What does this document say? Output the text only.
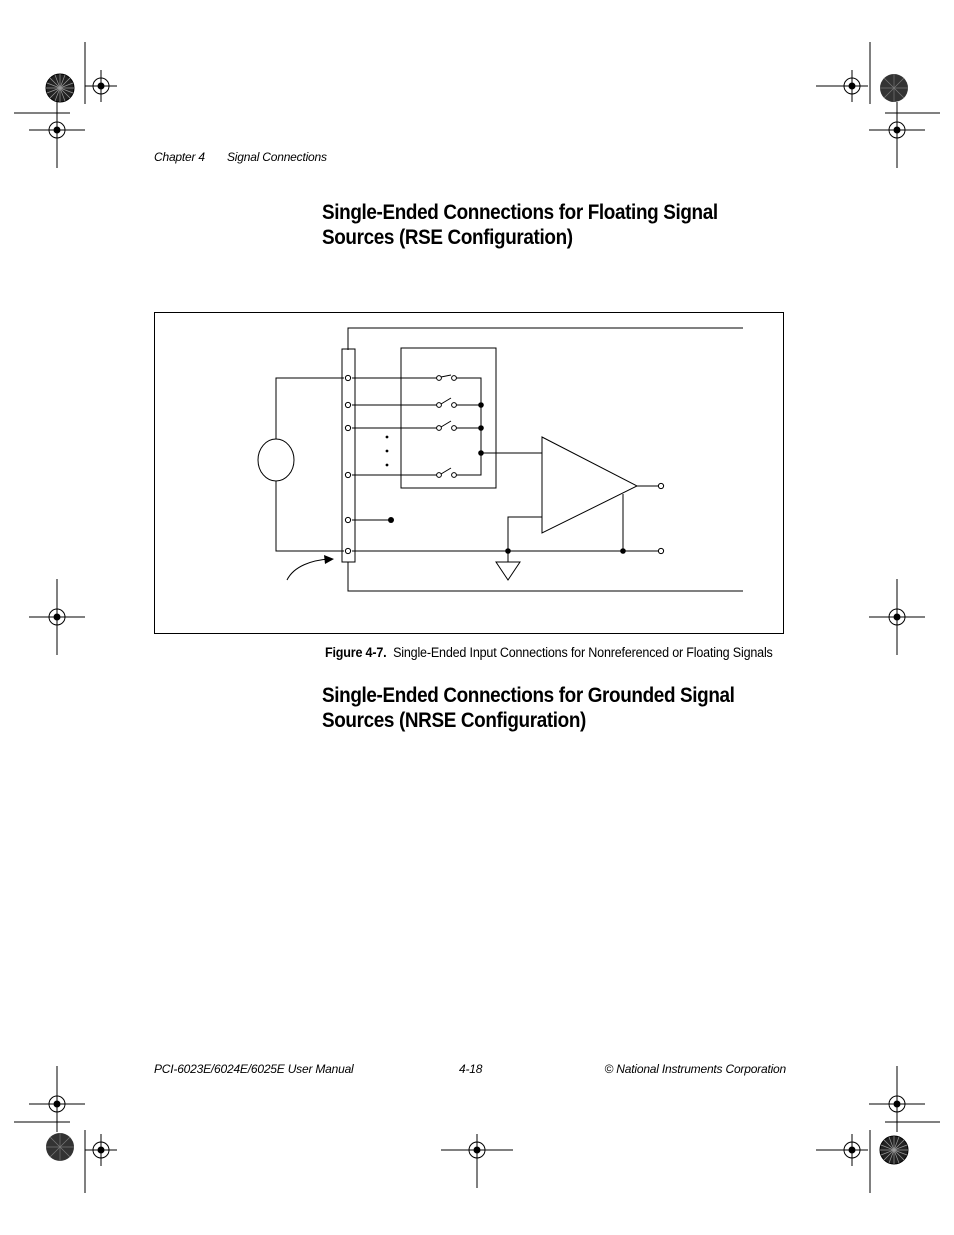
Chapter 4 Signal Connections
Single-Ended Connections for Floating Signal
Sources (RSE Configuration)
Figure 4-7. Single-Ended Input Connections for Nonreferenced or Floating Signals
Single-Ended Connections for Grounded Signal
Sources (NRSE Configuration)
PCI-6023E/6024E/6025E User Manual	4-18	© National Instruments Corporation
